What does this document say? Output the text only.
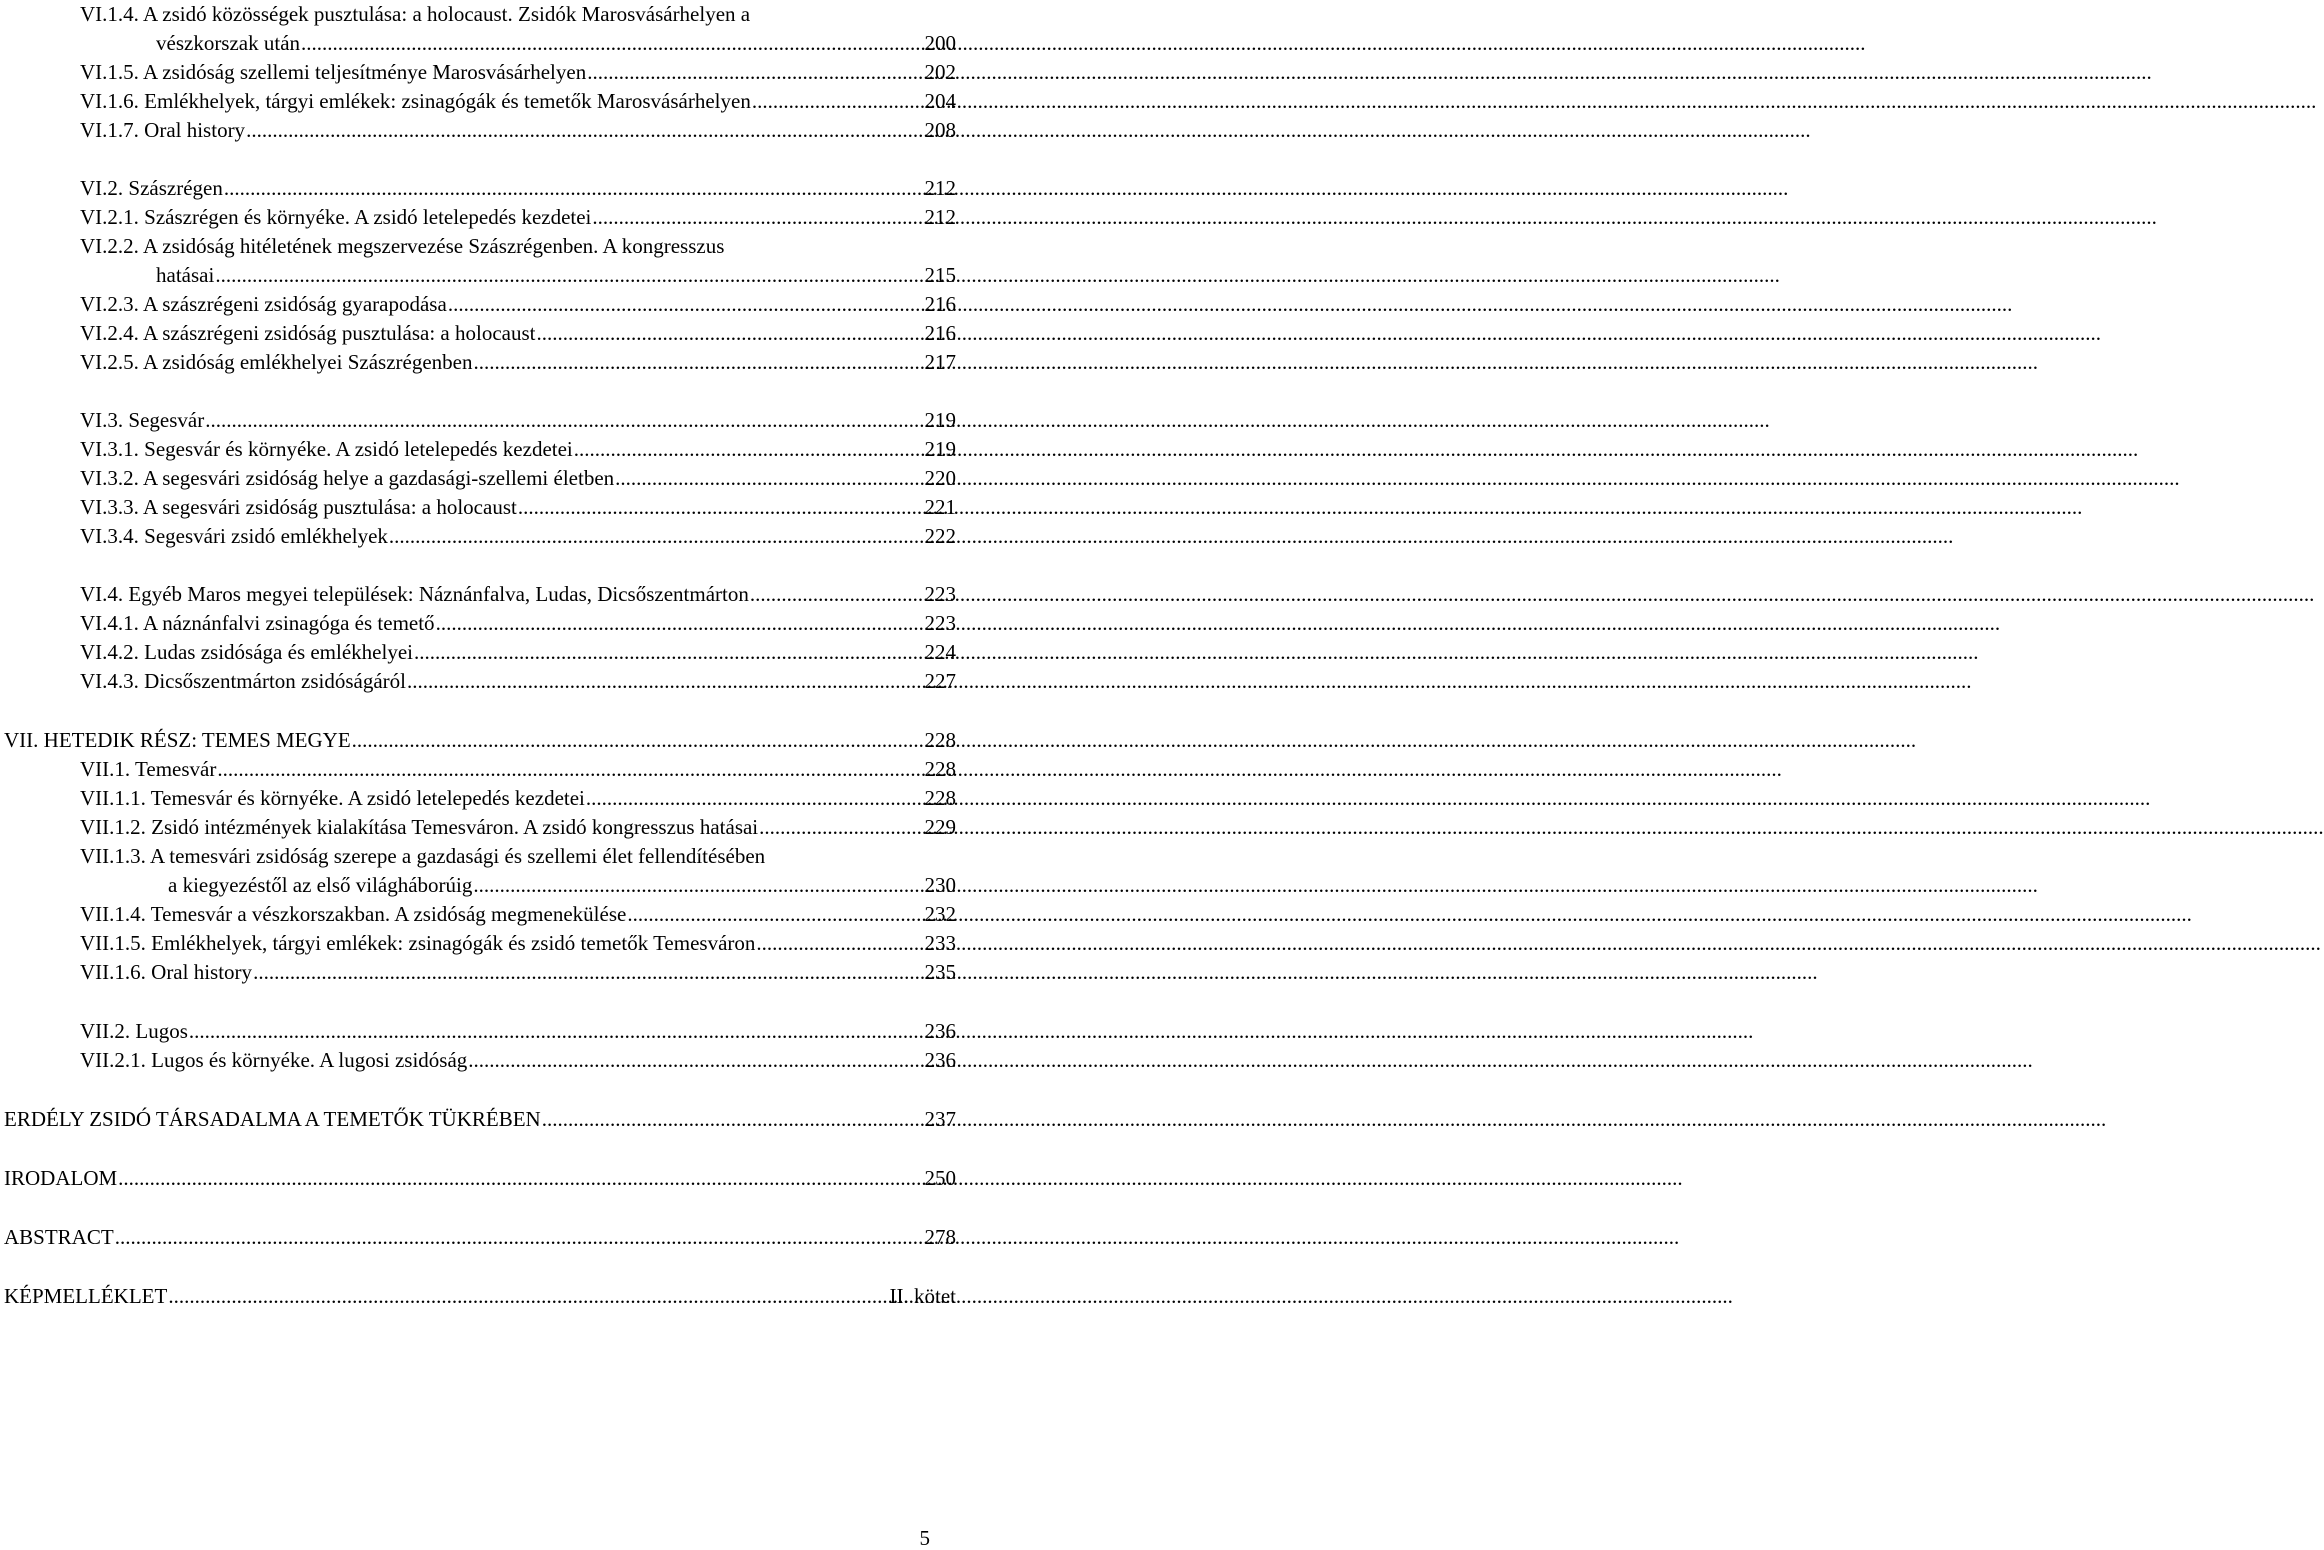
VI.1.4. A zsidó közösségek pusztulása: a holocaust. Zsidók Marosvásárhelyen a
vészkorszak után .....	200
VI.1.5. A zsidóság szellemi teljesítménye Marosvásárhelyen .....	202
VI.1.6. Emlékhelyek, tárgyi emlékek: zsinagógák és temetők Marosvásárhelyen .....	204
VI.1.7. Oral history .....	208
VI.2. Szászrégen .....	212
VI.2.1. Szászrégen és környéke. A zsidó letelepedés kezdetei .....	212
VI.2.2. A zsidóság hitéletének megszervezése Szászrégenben. A kongresszus
hatásai .....	215
VI.2.3. A szászrégeni zsidóság gyarapodása .....	216
VI.2.4. A szászrégeni zsidóság pusztulása: a holocaust .....	216
VI.2.5. A zsidóság emlékhelyei Szászrégenben .....	217
VI.3. Segesvár .....	219
VI.3.1. Segesvár és környéke. A zsidó letelepedés kezdetei .....	219
VI.3.2. A segesvári zsidóság helye a gazdasági-szellemi életben .....	220
VI.3.3. A segesvári zsidóság pusztulása: a holocaust .....	221
VI.3.4. Segesvári zsidó emlékhelyek .....	222
VI.4. Egyéb Maros megyei települések: Náznánfalva, Ludas, Dicsőszentmárton .....	223
VI.4.1. A náznánfalvi zsinagóga és temető .....	223
VI.4.2. Ludas zsidósága és emlékhelyei .....	224
VI.4.3. Dicsőszentmárton zsidóságáról .....	227
VII. HETEDIK RÉSZ: TEMES MEGYE .....	228
VII.1. Temesvár .....	228
VII.1.1. Temesvár és környéke. A zsidó letelepedés kezdetei .....	228
VII.1.2. Zsidó intézmények kialakítása Temesváron. A zsidó kongresszus hatásai .....	229
VII.1.3. A temesvári zsidóság szerepe a gazdasági és szellemi élet fellendítésében
a kiegyezéstől az első világháborúig .....	230
VII.1.4. Temesvár a vészkorszakban. A zsidóság megmenekülése .....	232
VII.1.5. Emlékhelyek, tárgyi emlékek: zsinagógák és zsidó temetők Temesváron .....	233
VII.1.6. Oral history .....	235
VII.2. Lugos .....	236
VII.2.1. Lugos és környéke. A lugosi zsidóság .....	236
ERDÉLY ZSIDÓ TÁRSADALMA A TEMETŐK TÜKRÉBEN .....	237
IRODALOM .....	250
ABSTRACT .....	278
KÉPMELLÉKLET .....	II. kötet
5
